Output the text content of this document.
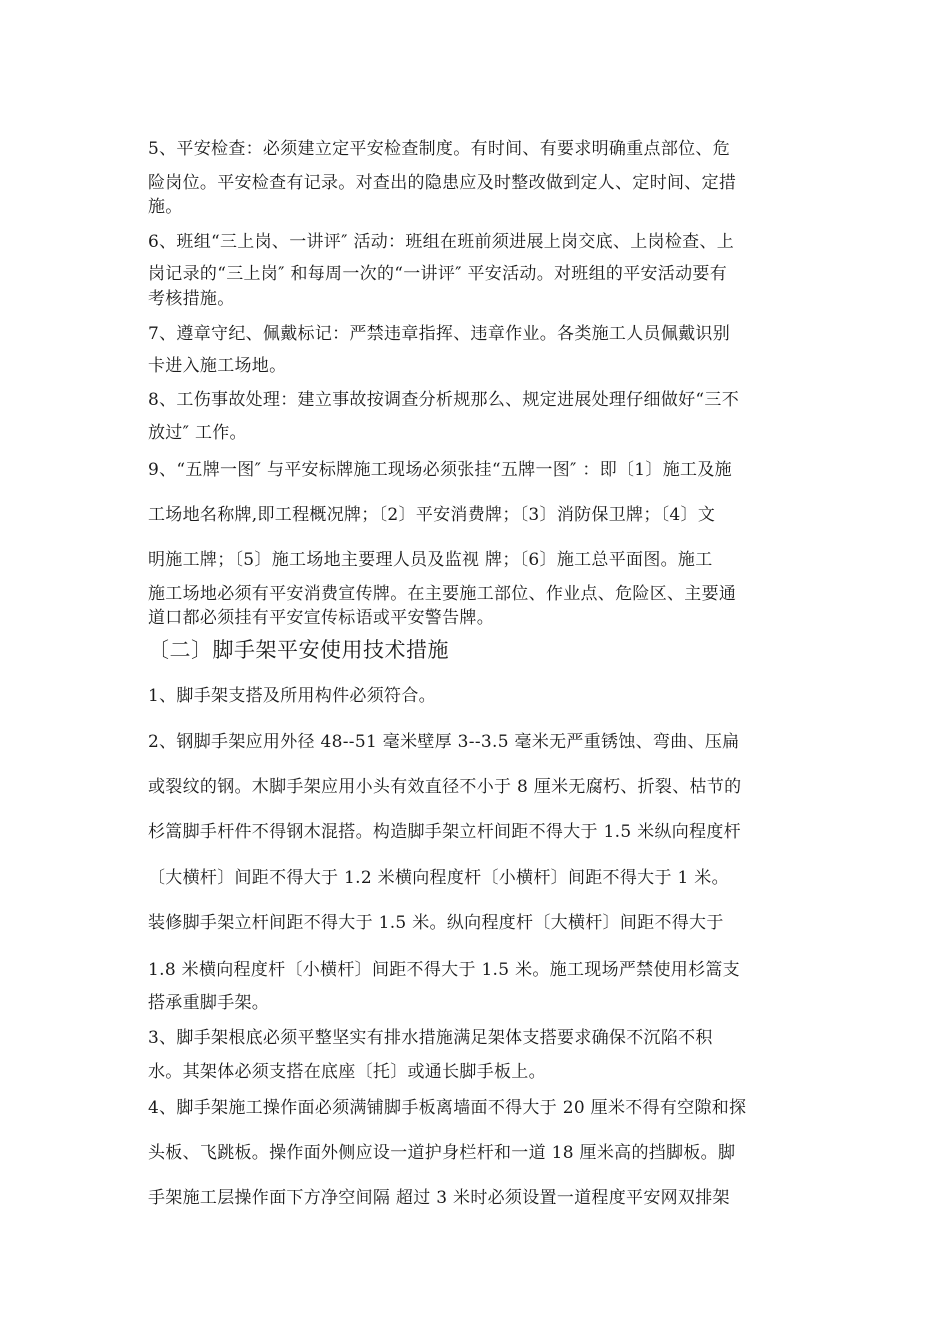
5、平安检查：必须建立定平安检查制度。有时间、有要求明确重点部位、危
险岗位。平安检查有记录。对查出的隐患应及时整改做到定人、定时间、定措
施。
6、班组“三上岗、一讲评″ 活动：班组在班前须进展上岗交底、上岗检查、上
岗记录的“三上岗″ 和每周一次的“一讲评″ 平安活动。对班组的平安活动要有
考核措施。
7、遵章守纪、佩戴标记：严禁违章指挥、违章作业。各类施工人员佩戴识别
卡进入施工场地。
8、工伤事故处理：建立事故按调查分析规那么、规定进展处理仔细做好“三不
放过″ 工作。
9、“五牌一图″ 与平安标牌施工现场必须张挂“五牌一图″ ：即〔1〕施工及施
工场地名称牌,即工程概况牌；〔2〕平安消费牌；〔3〕消防保卫牌；〔4〕文
明施工牌；〔5〕施工场地主要理人员及监视 牌；〔6〕施工总平面图。施工
施工场地必须有平安消费宣传牌。在主要施工部位、作业点、危险区、主要通
道口都必须挂有平安宣传标语或平安警告牌。
〔二〕脚手架平安使用技术措施
1、脚手架支搭及所用构件必须符合。
2、钢脚手架应用外径 48--51 毫米壁厚 3--3.5 毫米无严重锈蚀、弯曲、压扁
或裂纹的钢。木脚手架应用小头有效直径不小于 8 厘米无腐朽、折裂、枯节的
杉篙脚手杆件不得钢木混搭。构造脚手架立杆间距不得大于 1.5 米纵向程度杆
〔大横杆〕间距不得大于 1.2 米横向程度杆〔小横杆〕间距不得大于 1 米。
装修脚手架立杆间距不得大于 1.5 米。纵向程度杆〔大横杆〕间距不得大于
1.8 米横向程度杆〔小横杆〕间距不得大于 1.5 米。施工现场严禁使用杉篙支
搭承重脚手架。
3、脚手架根底必须平整坚实有排水措施满足架体支搭要求确保不沉陷不积
水。其架体必须支搭在底座〔托〕或通长脚手板上。
4、脚手架施工操作面必须满铺脚手板离墙面不得大于 20 厘米不得有空隙和探
头板、飞跳板。操作面外侧应设一道护身栏杆和一道 18 厘米高的挡脚板。脚
手架施工层操作面下方净空间隔 超过 3 米时必须设置一道程度平安网双排架
